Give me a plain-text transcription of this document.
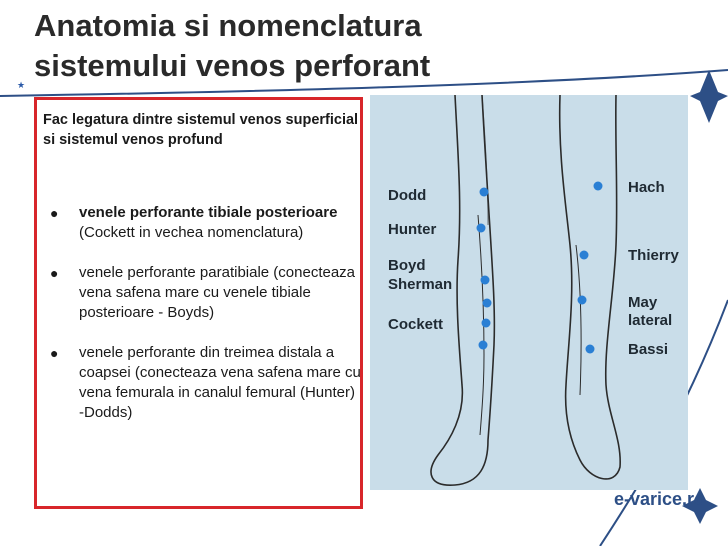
Anatomia si nomenclatura sistemului venos perforant
★
Fac legatura dintre sistemul venos superficial si sistemul venos profund
● venele perforante tibiale posterioare (Cockett in vechea nomenclatura)
● venele perforante paratibiale (conecteaza vena safena mare cu venele tibiale posterioare - Boyds)
● venele perforante din treimea distala a coapsei (conecteaza vena safena mare cu vena femurala in canalul femural (Hunter) -Dodds)

Dodd

Hunter

Boyd

Sherman

Cockett

Hach

Thierry

May

lateral

Bassi

e-varice.ro
